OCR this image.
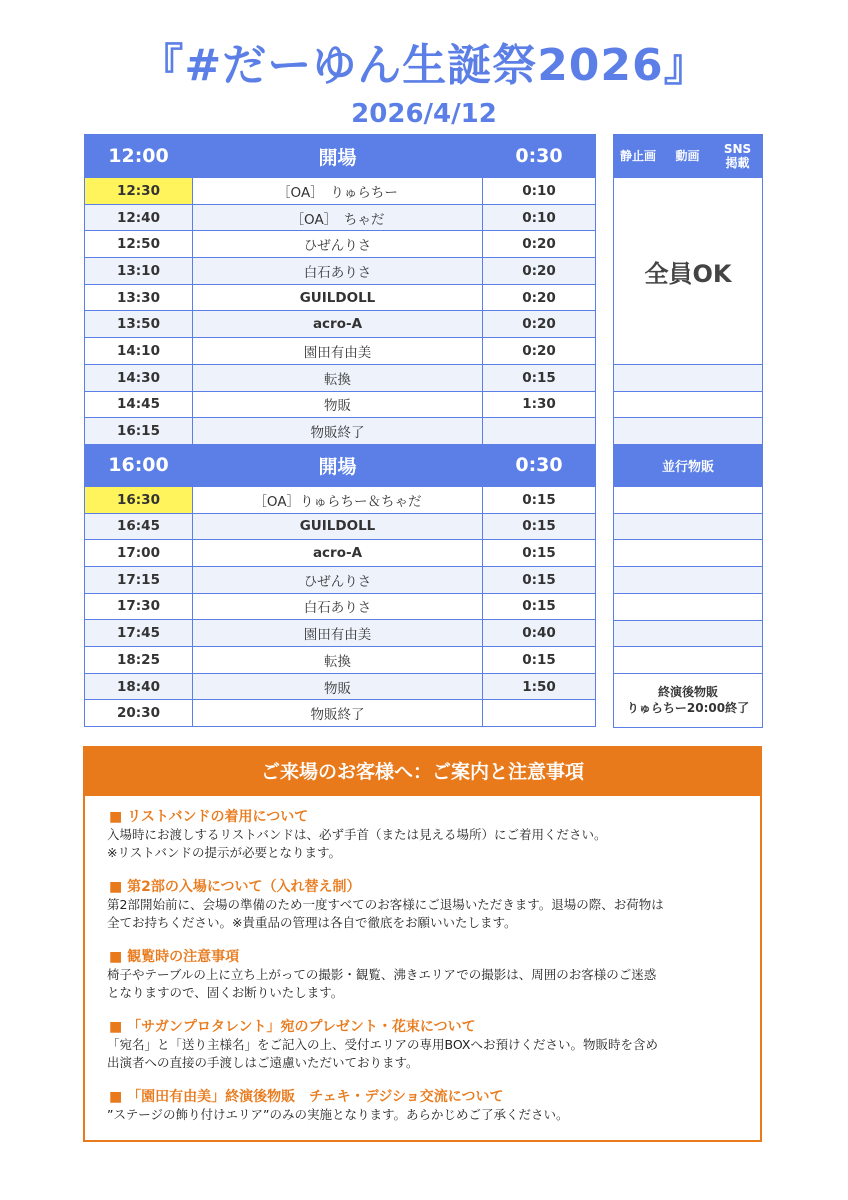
『#だーゆん生誕祭2026』
2026/4/12
12:00	開場	0:30
12:30	［OA］　りゅらちー	0:10
12:40	［OA］　ちゃだ	0:10
12:50	ひぜんりさ	0:20
13:10	白石ありさ	0:20
13:30	GUILDOLL	0:20
13:50	acro-A	0:20
14:10	園田有由美	0:20
14:30	転換	0:15
14:45	物販	1:30
16:15	物販終了	
16:00	開場	0:30
16:30	［OA］りゅらちー＆ちゃだ	0:15
16:45	GUILDOLL	0:15
17:00	acro-A	0:15
17:15	ひぜんりさ	0:15
17:30	白石ありさ	0:15
17:45	園田有由美	0:40
18:25	転換	0:15
18:40	物販	1:50
20:30	物販終了	
静止画	動画	SNS
掲載
全員OK

並行物販

終演後物販
りゅらちー20:00終了
ご来場のお客様へ：ご案内と注意事項
■ リストバンドの着用について
入場時にお渡しするリストバンドは、必ず手首（または見える場所）にご着用ください。
※リストバンドの提示が必要となります。
■ 第2部の入場について（入れ替え制）
第2部開始前に、会場の準備のため一度すべてのお客様にご退場いただきます。退場の際、お荷物は
全てお持ちください。※貴重品の管理は各自で徹底をお願いいたします。
■ 観覧時の注意事項
椅子やテーブルの上に立ち上がっての撮影・観覧、沸きエリアでの撮影は、周囲のお客様のご迷惑
となりますので、固くお断りいたします。
■ 「サガンプロタレント」宛のプレゼント・花束について
「宛名」と「送り主様名」をご記入の上、受付エリアの専用BOXへお預けください。物販時を含め
出演者への直接の手渡しはご遠慮いただいております。
■ 「園田有由美」終演後物販　チェキ・デジショ交流について
”ステージの飾り付けエリア”のみの実施となります。あらかじめご了承ください。
